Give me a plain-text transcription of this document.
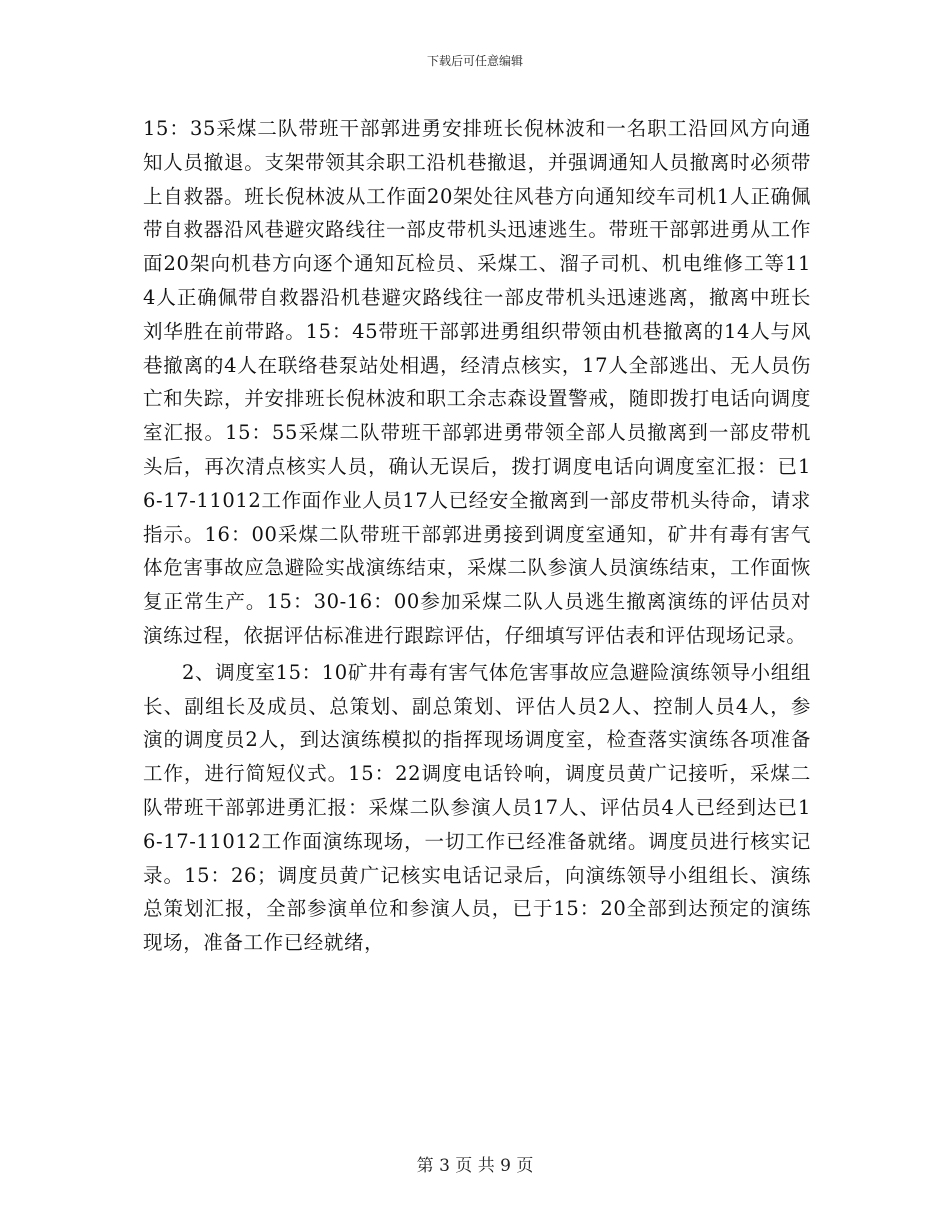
下载后可任意编辑

15：35采煤二队带班干部郭进勇安排班长倪林波和一名职工沿回风方向通知人员撤退。支架带领其余职工沿机巷撤退，并强调通知人员撤离时必须带上自救器。班长倪林波从工作面20架处往风巷方向通知绞车司机1人正确佩带自救器沿风巷避灾路线往一部皮带机头迅速逃生。带班干部郭进勇从工作面20架向机巷方向逐个通知瓦检员、采煤工、溜子司机、机电维修工等114人正确佩带自救器沿机巷避灾路线往一部皮带机头迅速逃离，撤离中班长刘华胜在前带路。15：45带班干部郭进勇组织带领由机巷撤离的14人与风巷撤离的4人在联络巷泵站处相遇，经清点核实，17人全部逃出、无人员伤亡和失踪，并安排班长倪林波和职工余志森设置警戒，随即拨打电话向调度室汇报。15：55采煤二队带班干部郭进勇带领全部人员撤离到一部皮带机头后，再次清点核实人员，确认无误后，拨打调度电话向调度室汇报：已16-17-11012工作面作业人员17人已经安全撤离到一部皮带机头待命，请求指示。16：00采煤二队带班干部郭进勇接到调度室通知，矿井有毒有害气体危害事故应急避险实战演练结束，采煤二队参演人员演练结束，工作面恢复正常生产。15：30-16：00参加采煤二队人员逃生撤离演练的评估员对演练过程，依据评估标准进行跟踪评估，仔细填写评估表和评估现场记录。

2、调度室15：10矿井有毒有害气体危害事故应急避险演练领导小组组长、副组长及成员、总策划、副总策划、评估人员2人、控制人员4人，参演的调度员2人，到达演练模拟的指挥现场调度室，检查落实演练各项准备工作，进行简短仪式。15：22调度电话铃响，调度员黄广记接听，采煤二队带班干部郭进勇汇报：采煤二队参演人员17人、评估员4人已经到达已16-17-11012工作面演练现场，一切工作已经准备就绪。调度员进行核实记录。15：26；调度员黄广记核实电话记录后，向演练领导小组组长、演练总策划汇报，全部参演单位和参演人员，已于15：20全部到达预定的演练现场，准备工作已经就绪，

第 3 页 共 9 页
